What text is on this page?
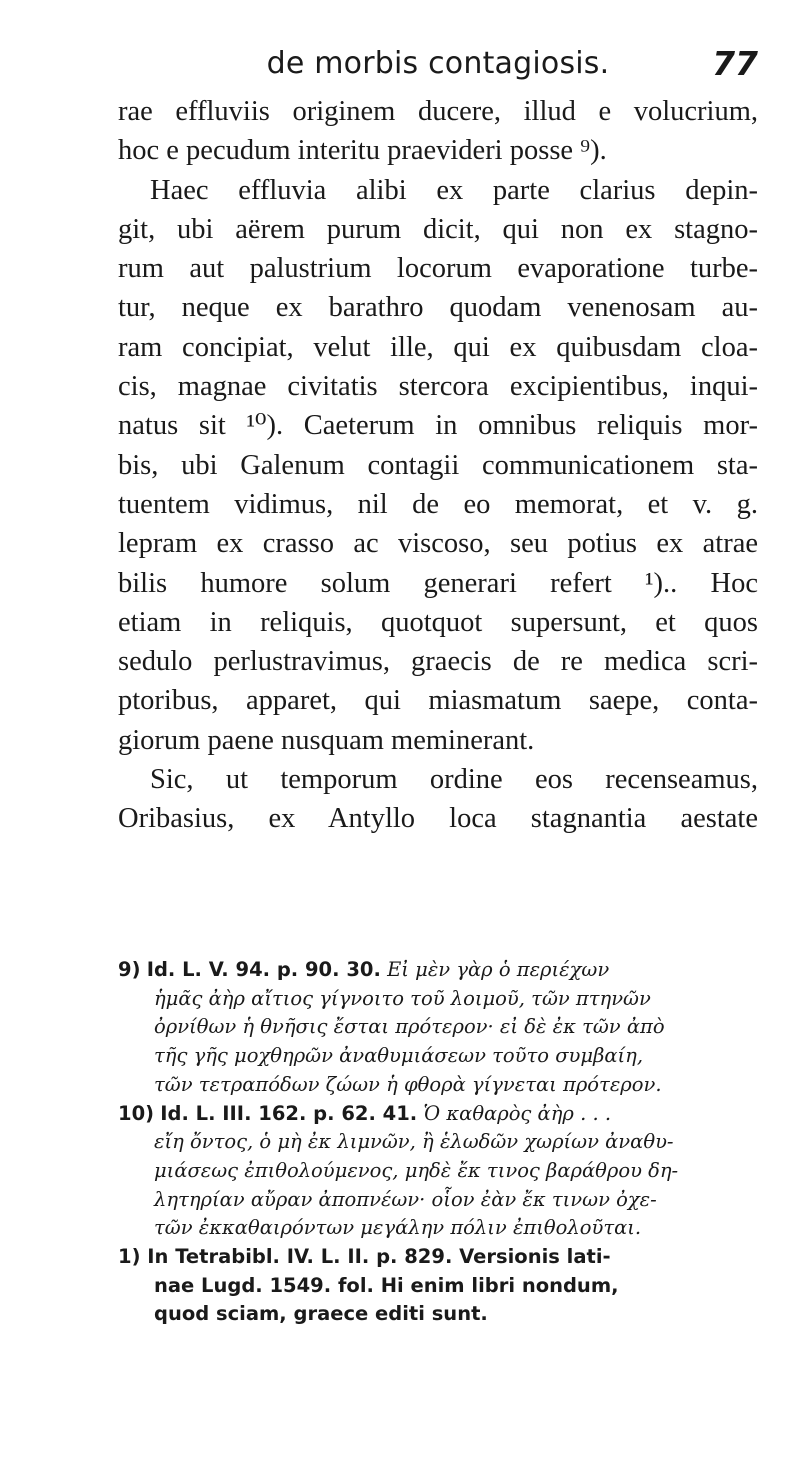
de morbis contagiosis.	77
rae effluviis originem ducere, illud e volucrium,
hoc e pecudum interitu praevideri posse ⁹).
Haec effluvia alibi ex parte clarius depin-
git, ubi aërem purum dicit, qui non ex stagno-
rum aut palustrium locorum evaporatione turbe-
tur, neque ex barathro quodam venenosam au-
ram concipiat, velut ille, qui ex quibusdam cloa-
cis, magnae civitatis stercora excipientibus, inqui-
natus sit ¹⁰). Caeterum in omnibus reliquis mor-
bis, ubi Galenum contagii communicationem sta-
tuentem vidimus, nil de eo memorat, et v. g.
lepram ex crasso ac viscoso, seu potius ex atrae
bilis humore solum generari refert ¹).. Hoc
etiam in reliquis, quotquot supersunt, et quos
sedulo perlustravimus, graecis de re medica scri-
ptoribus, apparet, qui miasmatum saepe, conta-
giorum paene nusquam meminerant.
Sic, ut temporum ordine eos recenseamus,
Oribasius, ex Antyllo loca stagnantia aestate
9) Id. L. V. 94. p. 90. 30. Εἰ μὲν γὰρ ὁ περιέχων
ἡμᾶς ἀὴρ αἴτιος γίγνοιτο τοῦ λοιμοῦ, τῶν πτηνῶν
ὀρνίθων ἡ θνῆσις ἔσται πρότερον· εἰ δὲ ἐκ τῶν ἀπὸ
τῆς γῆς μοχθηρῶν ἀναθυμιάσεων τοῦτο συμβαίη,
τῶν τετραπόδων ζώων ἡ φθορὰ γίγνεται πρότερον.
10) Id. L. III. 162. p. 62. 41. Ὁ καθαρὸς ἀὴρ . . .
εἴη ὄντος, ὁ μὴ ἐκ λιμνῶν, ἢ ἑλωδῶν χωρίων ἀναθυ-
μιάσεως ἐπιθολούμενος, μηδὲ ἔκ τινος βαράθρου δη-
λητηρίαν αὔραν ἀποπνέων· οἷον ἐὰν ἔκ τινων ὀχε-
τῶν ἐκκαθαιρόντων μεγάλην πόλιν ἐπιθολοῦται.
1) In Tetrabibl. IV. L. II. p. 829. Versionis lati-
nae Lugd. 1549. fol. Hi enim libri nondum,
quod sciam, graece editi sunt.
